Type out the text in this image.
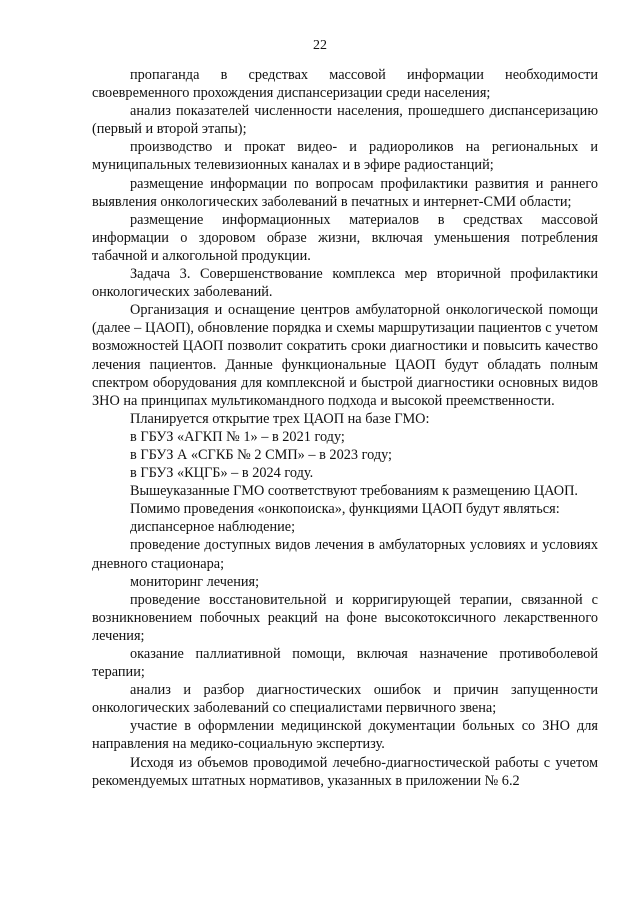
22

пропаганда в средствах массовой информации необходимости своевременного прохождения диспансеризации среди населения;

анализ показателей численности населения, прошедшего диспансеризацию (первый и второй этапы);

производство и прокат видео- и радиороликов на региональных и муниципальных телевизионных каналах и в эфире радиостанций;

размещение информации по вопросам профилактики развития и раннего выявления онкологических заболеваний в печатных и интернет-СМИ области;

размещение информационных материалов в средствах массовой информации о здоровом образе жизни, включая уменьшения потребления табачной и алкогольной продукции.

Задача 3. Совершенствование комплекса мер вторичной профилактики онкологических заболеваний.

Организация и оснащение центров амбулаторной онкологической помощи (далее – ЦАОП), обновление порядка и схемы маршрутизации пациентов с учетом возможностей ЦАОП позволит сократить сроки диагностики и повысить качество лечения пациентов. Данные функциональные ЦАОП будут обладать полным спектром оборудования для комплексной и быстрой диагностики основных видов ЗНО на принципах мультикомандного подхода и высокой преемственности.

Планируется открытие трех ЦАОП на базе ГМО:

в ГБУЗ «АГКП № 1» – в 2021 году;

в ГБУЗ А «СГКБ № 2 СМП» – в 2023 году;

в ГБУЗ «КЦГБ» – в 2024 году.

Вышеуказанные ГМО соответствуют требованиям к размещению ЦАОП.

Помимо проведения «онкопоиска», функциями ЦАОП будут являться:

диспансерное наблюдение;

проведение доступных видов лечения в амбулаторных условиях и условиях дневного стационара;

мониторинг лечения;

проведение восстановительной и корригирующей терапии, связанной с возникновением побочных реакций на фоне высокотоксичного лекарственного лечения;

оказание паллиативной помощи, включая назначение противоболевой терапии;

анализ и разбор диагностических ошибок и причин запущенности онкологических заболеваний со специалистами первичного звена;

участие в оформлении медицинской документации больных со ЗНО для направления на медико-социальную экспертизу.

Исходя из объемов проводимой лечебно-диагностической работы с учетом рекомендуемых штатных нормативов, указанных в приложении № 6.2
